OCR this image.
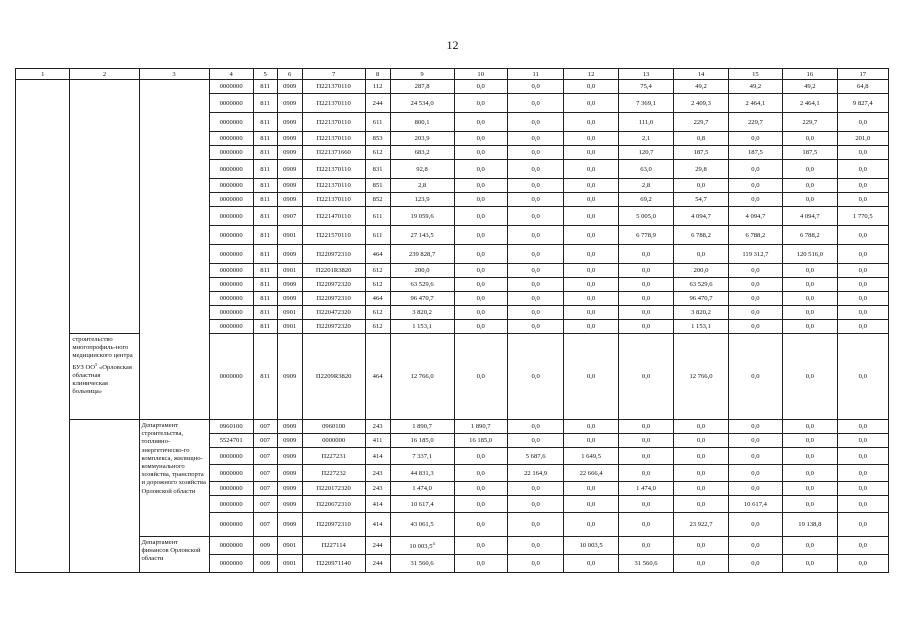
12
1	2	3	4	5	6	7	8	9	10	11	12	13	14	15	16	17
			0000000	811	0909	П221370110	112	287,8	0,0	0,0	0,0	75,4	49,2	49,2	49,2	64,8
			0000000	811	0909	П221370110	244	24 534,0	0,0	0,0	0,0	7 369,1	2 409,3	2 464,1	2 464,1	9 827,4
			0000000	811	0909	П221370110	611	800,1	0,0	0,0	0,0	111,0	229,7	229,7	229,7	0,0
			0000000	811	0909	П221370110	853	203,9	0,0	0,0	0,0	2,1	0,8	0,0	0,0	201,0
			0000000	811	0909	П221371660	612	683,2	0,0	0,0	0,0	120,7	187,5	187,5	187,5	0,0
			0000000	811	0909	П221370110	831	92,8	0,0	0,0	0,0	63,0	29,8	0,0	0,0	0,0
			0000000	811	0909	П221370110	851	2,8	0,0	0,0	0,0	2,8	0,0	0,0	0,0	0,0
			0000000	811	0909	П221370110	852	123,9	0,0	0,0	0,0	69,2	54,7	0,0	0,0	0,0
			0000000	811	0907	П221470110	611	19 059,6	0,0	0,0	0,0	5 005,0	4 094,7	4 094,7	4 094,7	1 770,5
			0000000	811	0901	П221570110	611	27 143,5	0,0	0,0	0,0	6 778,9	6 788,2	6 788,2	6 788,2	0,0
			0000000	811	0909	П220972310	464	239 828,7	0,0	0,0	0,0	0,0	0,0	119 312,7	120 516,0	0,0
			0000000	811	0901	П2201R3820	612	200,0	0,0	0,0	0,0	0,0	200,0	0,0	0,0	0,0
			0000000	811	0909	П220972320	612	63 529,6	0,0	0,0	0,0	0,0	63 529,6	0,0	0,0	0,0
			0000000	811	0909	П220972310	464	96 470,7	0,0	0,0	0,0	0,0	96 470,7	0,0	0,0	0,0
			0000000	811	0901	П220472320	612	3 820,2	0,0	0,0	0,0	0,0	3 820,2	0,0	0,0	0,0
			0000000	811	0901	П220972320	612	1 153,1	0,0	0,0	0,0	0,0	1 153,1	0,0	0,0	0,0
	строительство многопрофиль-ного медицинского центра БУЗ $ОО^5$ «Орловская областная клиническая больница»		0000000	811	0909	П2209R3820	464	12 766,0	0,0	0,0	0,0	0,0	12 766,0	0,0	0,0	0,0
		Департамент строительства, топливно-энергетическо-го комплекса, жилищно-коммунального хозяйства, транспорта и дорожного хозяйства Орловской области	0960100	007	0909	0960100	243	1 890,7	1 890,7	0,0	0,0	0,0	0,0	0,0	0,0	0,0
			5524701	007	0909	0000000	411	16 185,0	16 185,0	0,0	0,0	0,0	0,0	0,0	0,0	0,0
			0000000	007	0909	П227231	414	7 337,1	0,0	5 687,6	1 649,5	0,0	0,0	0,0	0,0	0,0
			0000000	007	0909	П227232	243	44 831,3	0,0	22 164,9	22 666,4	0,0	0,0	0,0	0,0	0,0
			0000000	007	0909	П220172320	243	1 474,0	0,0	0,0	0,0	1 474,0	0,0	0,0	0,0	0,0
			0000000	007	0909	П220672310	414	10 617,4	0,0	0,0	0,0	0,0	0,0	10 617,4	0,0	0,0
			0000000	007	0909	П220972310	414	43 061,5	0,0	0,0	0,0	0,0	23 922,7	0,0	19 138,8	0,0
		Департамент финансов Орловской области	0000000	009	0901	П227114	244	10 003,5$^4$	0,0	0,0	10 003,5	0,0	0,0	0,0	0,0	0,0
			0000000	009	0901	П220971140	244	31 560,6	0,0	0,0	0,0	31 560,6	0,0	0,0	0,0	0,0
